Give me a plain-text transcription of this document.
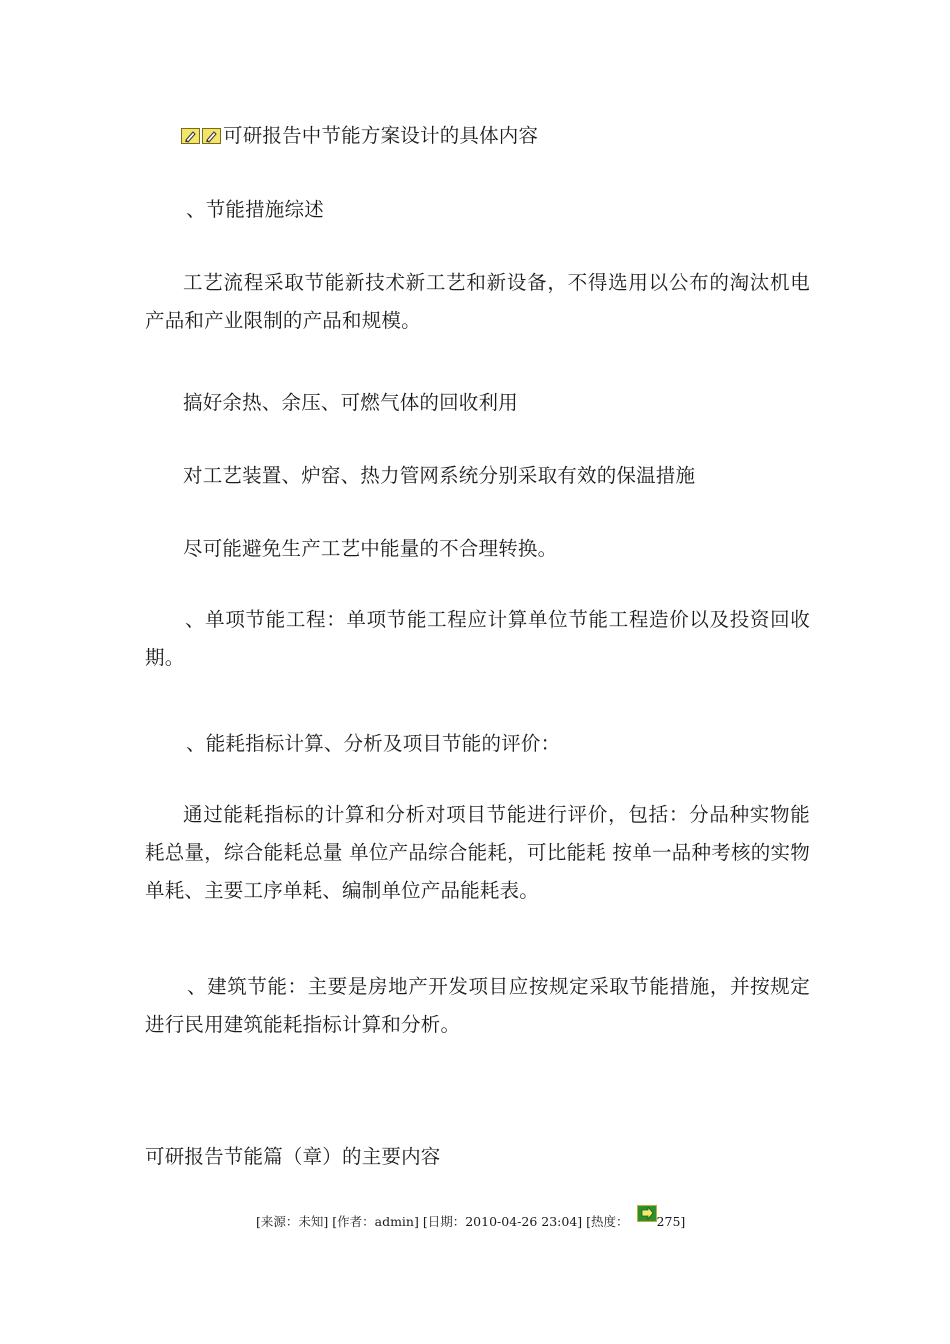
可研报告中节能方案设计的具体内容
、节能措施综述
工艺流程采取节能新技术新工艺和新设备，不得选用以公布的淘汰机电产品和产业限制的产品和规模。
搞好余热、余压、可燃气体的回收利用
对工艺装置、炉窑、热力管网系统分别采取有效的保温措施
尽可能避免生产工艺中能量的不合理转换。
、单项节能工程：单项节能工程应计算单位节能工程造价以及投资回收期。
、能耗指标计算、分析及项目节能的评价：
通过能耗指标的计算和分析对项目节能进行评价，包括：分品种实物能耗总量，综合能耗总量 单位产品综合能耗，可比能耗 按单一品种考核的实物单耗、主要工序单耗、编制单位产品能耗表。
、建筑节能：主要是房地产开发项目应按规定采取节能措施，并按规定进行民用建筑能耗指标计算和分析。
可研报告节能篇（章）的主要内容
[来源：未知] [作者：admin] [日期：2010-04-26 23:04] [热度： 275]
